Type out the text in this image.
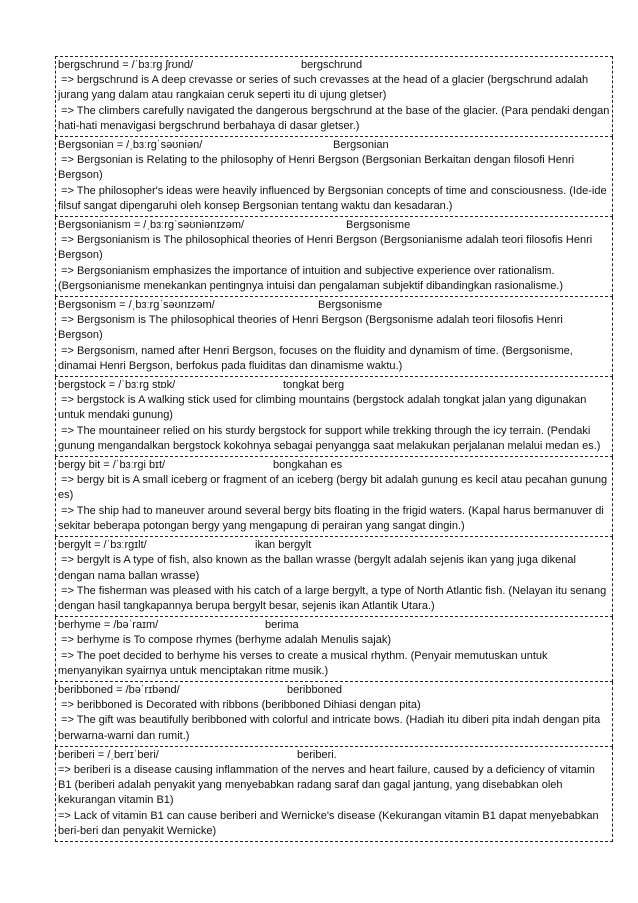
bergschrund = /ˈbɜːrɡ ʃrʊnd/	bergschrund

=> bergschrund is A deep crevasse or series of such crevasses at the head of a glacier (bergschrund adalah jurang yang dalam atau rangkaian ceruk seperti itu di ujung gletser)

=> The climbers carefully navigated the dangerous bergschrund at the base of the glacier. (Para pendaki dengan hati-hati menavigasi bergschrund berbahaya di dasar gletser.)

Bergsonian = /ˌbɜːrɡˈsəʊniən/	Bergsonian

=> Bergsonian is Relating to the philosophy of Henri Bergson (Bergsonian Berkaitan dengan filosofi Henri Bergson)

=> The philosopher's ideas were heavily influenced by Bergsonian concepts of time and consciousness. (Ide-ide filsuf sangat dipengaruhi oleh konsep Bergsonian tentang waktu dan kesadaran.)

Bergsonianism = /ˌbɜːrɡˈsəʊniənɪzəm/	Bergsonisme

=> Bergsonianism is The philosophical theories of Henri Bergson (Bergsonianisme adalah teori filosofis Henri Bergson)

=> Bergsonianism emphasizes the importance of intuition and subjective experience over rationalism. (Bergsonianisme menekankan pentingnya intuisi dan pengalaman subjektif dibandingkan rasionalisme.)

Bergsonism = /ˌbɜːrɡˈsəʊnɪzəm/	Bergsonisme

=> Bergsonism is The philosophical theories of Henri Bergson (Bergsonisme adalah teori filosofis Henri Bergson)

=> Bergsonism, named after Henri Bergson, focuses on the fluidity and dynamism of time. (Bergsonisme, dinamai Henri Bergson, berfokus pada fluiditas dan dinamisme waktu.)

bergstock = /ˈbɜːrɡ stɒk/	tongkat berg

=> bergstock is A walking stick used for climbing mountains (bergstock adalah tongkat jalan yang digunakan untuk mendaki gunung)

=> The mountaineer relied on his sturdy bergstock for support while trekking through the icy terrain. (Pendaki gunung mengandalkan bergstock kokohnya sebagai penyangga saat melakukan perjalanan melalui medan es.)

bergy bit = /ˈbɜːrɡi bɪt/	bongkahan es

=> bergy bit is A small iceberg or fragment of an iceberg (bergy bit adalah gunung es kecil atau pecahan gunung es)

=> The ship had to maneuver around several bergy bits floating in the frigid waters. (Kapal harus bermanuver di sekitar beberapa potongan bergy yang mengapung di perairan yang sangat dingin.)

bergylt = /ˈbɜːrɡɪlt/	ikan bergylt

=> bergylt is A type of fish, also known as the ballan wrasse (bergylt adalah sejenis ikan yang juga dikenal dengan nama ballan wrasse)

=> The fisherman was pleased with his catch of a large bergylt, a type of North Atlantic fish. (Nelayan itu senang dengan hasil tangkapannya berupa bergylt besar, sejenis ikan Atlantik Utara.)

berhyme = /bəˈraɪm/	berima

=> berhyme is To compose rhymes (berhyme adalah Menulis sajak)

=> The poet decided to berhyme his verses to create a musical rhythm. (Penyair memutuskan untuk menyanyikan syairnya untuk menciptakan ritme musik.)

beribboned = /bəˈrɪbənd/	beribboned

=> beribboned is Decorated with ribbons (beribboned Dihiasi dengan pita)

=> The gift was beautifully beribboned with colorful and intricate bows. (Hadiah itu diberi pita indah dengan pita berwarna-warni dan rumit.)

beriberi = /ˌberɪˈberi/	beriberi.

=> beriberi is a disease causing inflammation of the nerves and heart failure, caused by a deficiency of vitamin B1 (beriberi adalah penyakit yang menyebabkan radang saraf dan gagal jantung, yang disebabkan oleh kekurangan vitamin B1)

=> Lack of vitamin B1 can cause beriberi and Wernicke's disease (Kekurangan vitamin B1 dapat menyebabkan beri-beri dan penyakit Wernicke)
